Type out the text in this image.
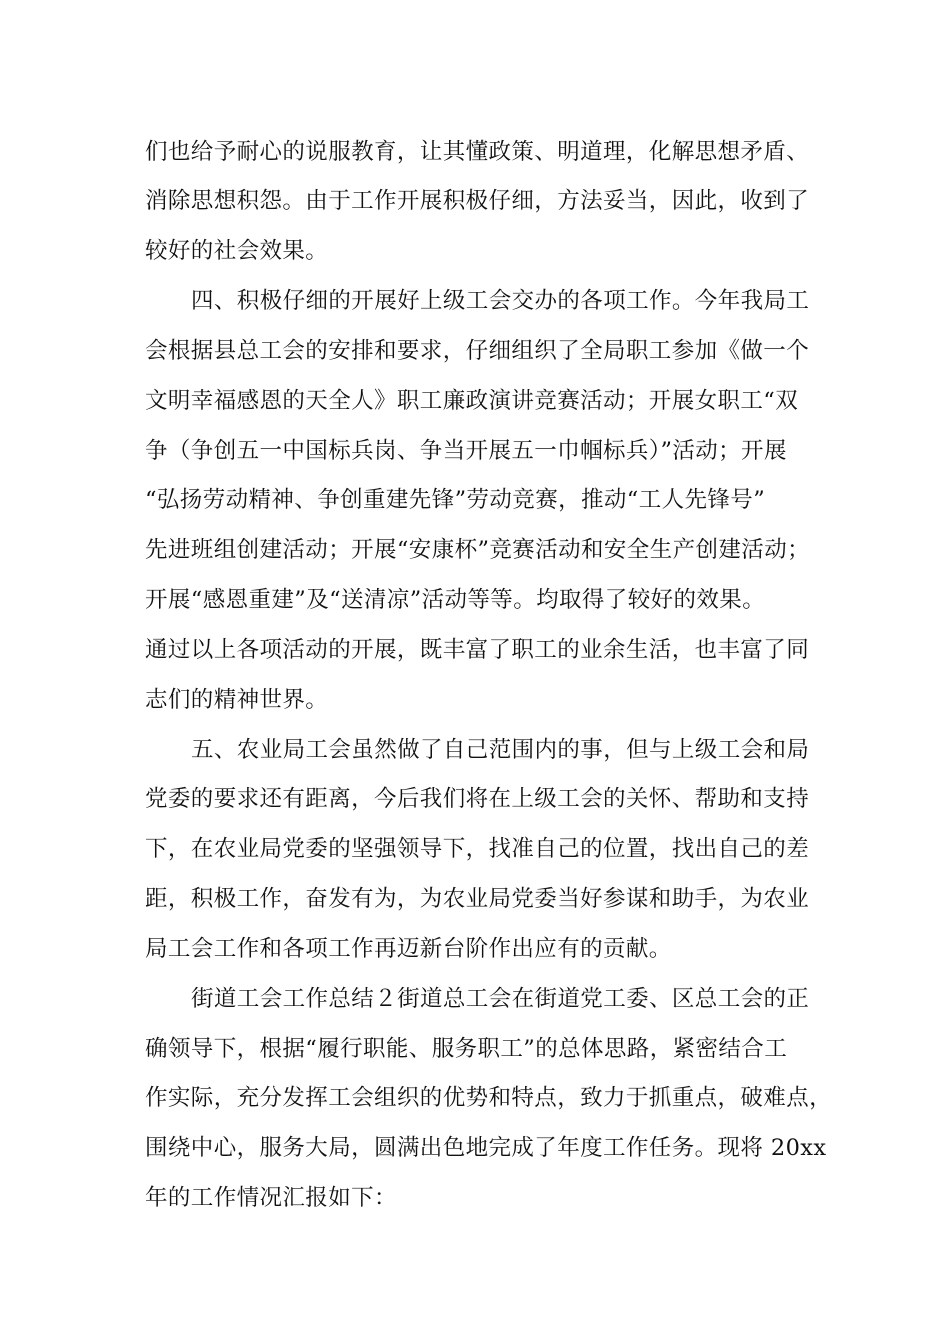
们也给予耐心的说服教育，让其懂政策、明道理，化解思想矛盾、
消除思想积怨。由于工作开展积极仔细，方法妥当，因此，收到了
较好的社会效果。
四、积极仔细的开展好上级工会交办的各项工作。今年我局工
会根据县总工会的安排和要求，仔细组织了全局职工参加《做一个
文明幸福感恩的天全人》职工廉政演讲竞赛活动；开展女职工“双
争（争创五一中国标兵岗、争当开展五一巾帼标兵）”活动；开展
“弘扬劳动精神、争创重建先锋”劳动竞赛，推动“工人先锋号”
先进班组创建活动；开展“安康杯”竞赛活动和安全生产创建活动；
开展“感恩重建”及“送清凉”活动等等。均取得了较好的效果。
通过以上各项活动的开展，既丰富了职工的业余生活，也丰富了同
志们的精神世界。
五、农业局工会虽然做了自己范围内的事，但与上级工会和局
党委的要求还有距离，今后我们将在上级工会的关怀、帮助和支持
下，在农业局党委的坚强领导下，找准自己的位置，找出自己的差
距，积极工作，奋发有为，为农业局党委当好参谋和助手，为农业
局工会工作和各项工作再迈新台阶作出应有的贡献。
街道工会工作总结２街道总工会在街道党工委、区总工会的正
确领导下，根据“履行职能、服务职工”的总体思路，紧密结合工
作实际，充分发挥工会组织的优势和特点，致力于抓重点，破难点，
围绕中心，服务大局，圆满出色地完成了年度工作任务。现将 20xx
年的工作情况汇报如下：
